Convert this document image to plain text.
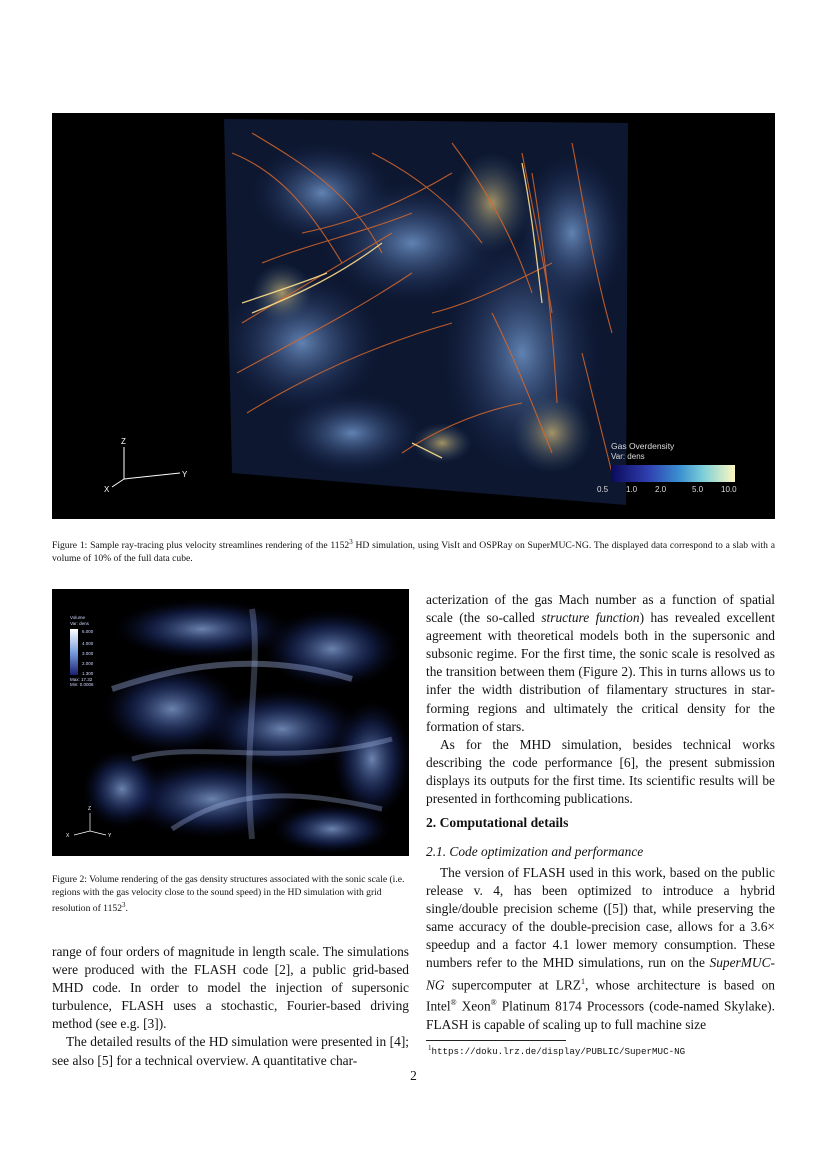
Z
Y
X
Gas Overdensity
Var: dens
0.5 1.0 2.0	5.0 10.0
Figure 1: Sample ray-tracing plus velocity streamlines rendering of the 1152$^3$ HD simulation, using VisIt and OSPRay on SuperMUC-NG. The displayed data correspond to a slab with a volume of 10% of the full data cube.
Volume
Var: dens
6.000
4.000
3.000
2.000
1.300
Max: 17.32
Min: 0.0006
Z
X	Y
Figure 2: Volume rendering of the gas density structures associated with the sonic scale (i.e. regions with the gas velocity close to the sound speed) in the HD simulation with grid resolution of 1152$^3$.

range of four orders of magnitude in length scale. The simulations were produced with the FLASH code [2], a public grid-based MHD code. In order to model the injection of supersonic turbulence, FLASH uses a stochastic, Fourier-based driving method (see e.g. [3]).

The detailed results of the HD simulation were presented in [4]; see also [5] for a technical overview. A quantitative char-

acterization of the gas Mach number as a function of spatial scale (the so-called structure function) has revealed excellent agreement with theoretical models both in the supersonic and subsonic regime. For the first time, the sonic scale is resolved as the transition between them (Figure 2). This in turns allows us to infer the width distribution of filamentary structures in star-forming regions and ultimately the critical density for the formation of stars.

As for the MHD simulation, besides technical works describing the code performance [6], the present submission displays its outputs for the first time. Its scientific results will be presented in forthcoming publications.

2. Computational details
2.1. Code optimization and performance

The version of FLASH used in this work, based on the public release v. 4, has been optimized to introduce a hybrid single/double precision scheme ([5]) that, while preserving the same accuracy of the double-precision case, allows for a 3.6× speedup and a factor 4.1 lower memory consumption. These numbers refer to the MHD simulations, run on the SuperMUC-NG supercomputer at LRZ$^1$, whose architecture is based on Intel® Xeon® Platinum 8174 Processors (code-named Skylake). FLASH is capable of scaling up to full machine size

$^1$https://doku.lrz.de/display/PUBLIC/SuperMUC-NG
2
